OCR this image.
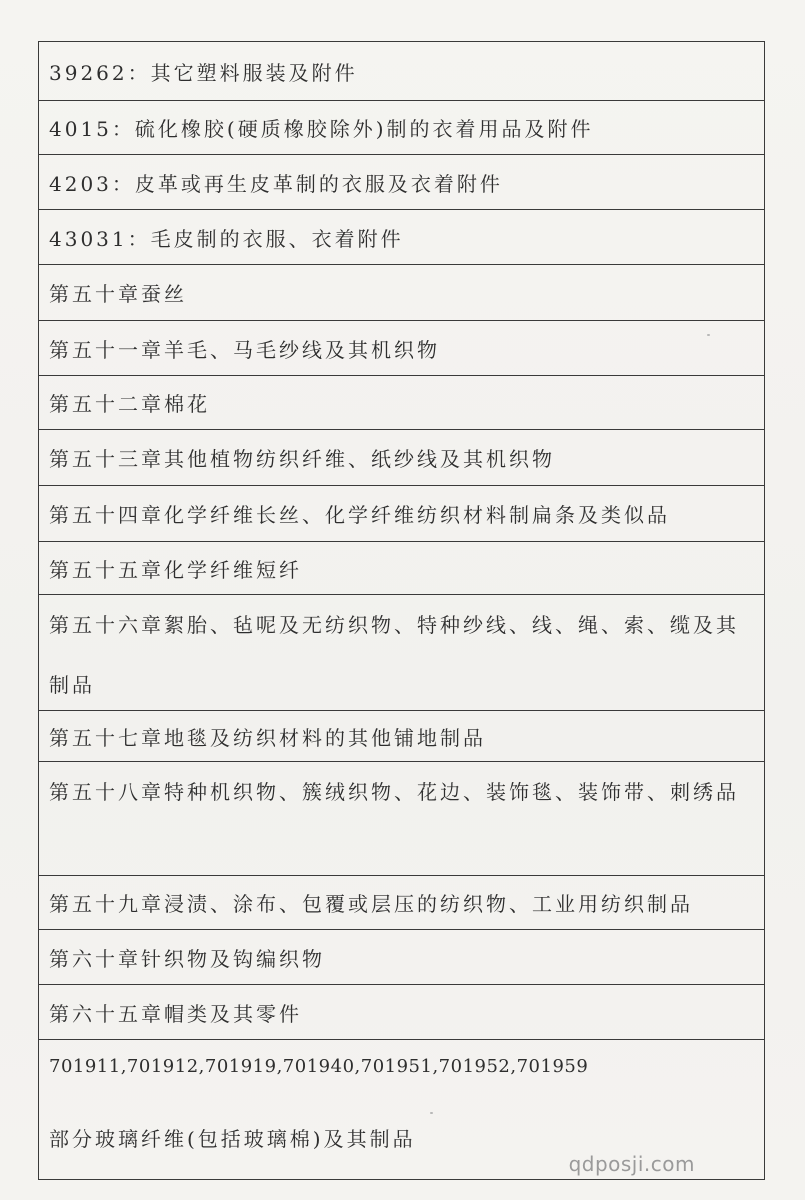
39262：其它塑料服装及附件
4015：硫化橡胶(硬质橡胶除外)制的衣着用品及附件
4203：皮革或再生皮革制的衣服及衣着附件
43031：毛皮制的衣服、衣着附件
第五十章蚕丝
第五十一章羊毛、马毛纱线及其机织物
第五十二章棉花
第五十三章其他植物纺织纤维、纸纱线及其机织物
第五十四章化学纤维长丝、化学纤维纺织材料制扁条及类似品
第五十五章化学纤维短纤
第五十六章絮胎、毡呢及无纺织物、特种纱线、线、绳、索、缆及其制品
第五十七章地毯及纺织材料的其他铺地制品
第五十八章特种机织物、簇绒织物、花边、装饰毯、装饰带、刺绣品
第五十九章浸渍、涂布、包覆或层压的纺织物、工业用纺织制品
第六十章针织物及钩编织物
第六十五章帽类及其零件
701911,701912,701919,701940,701951,701952,701959
部分玻璃纤维(包括玻璃棉)及其制品
qdposji.com
